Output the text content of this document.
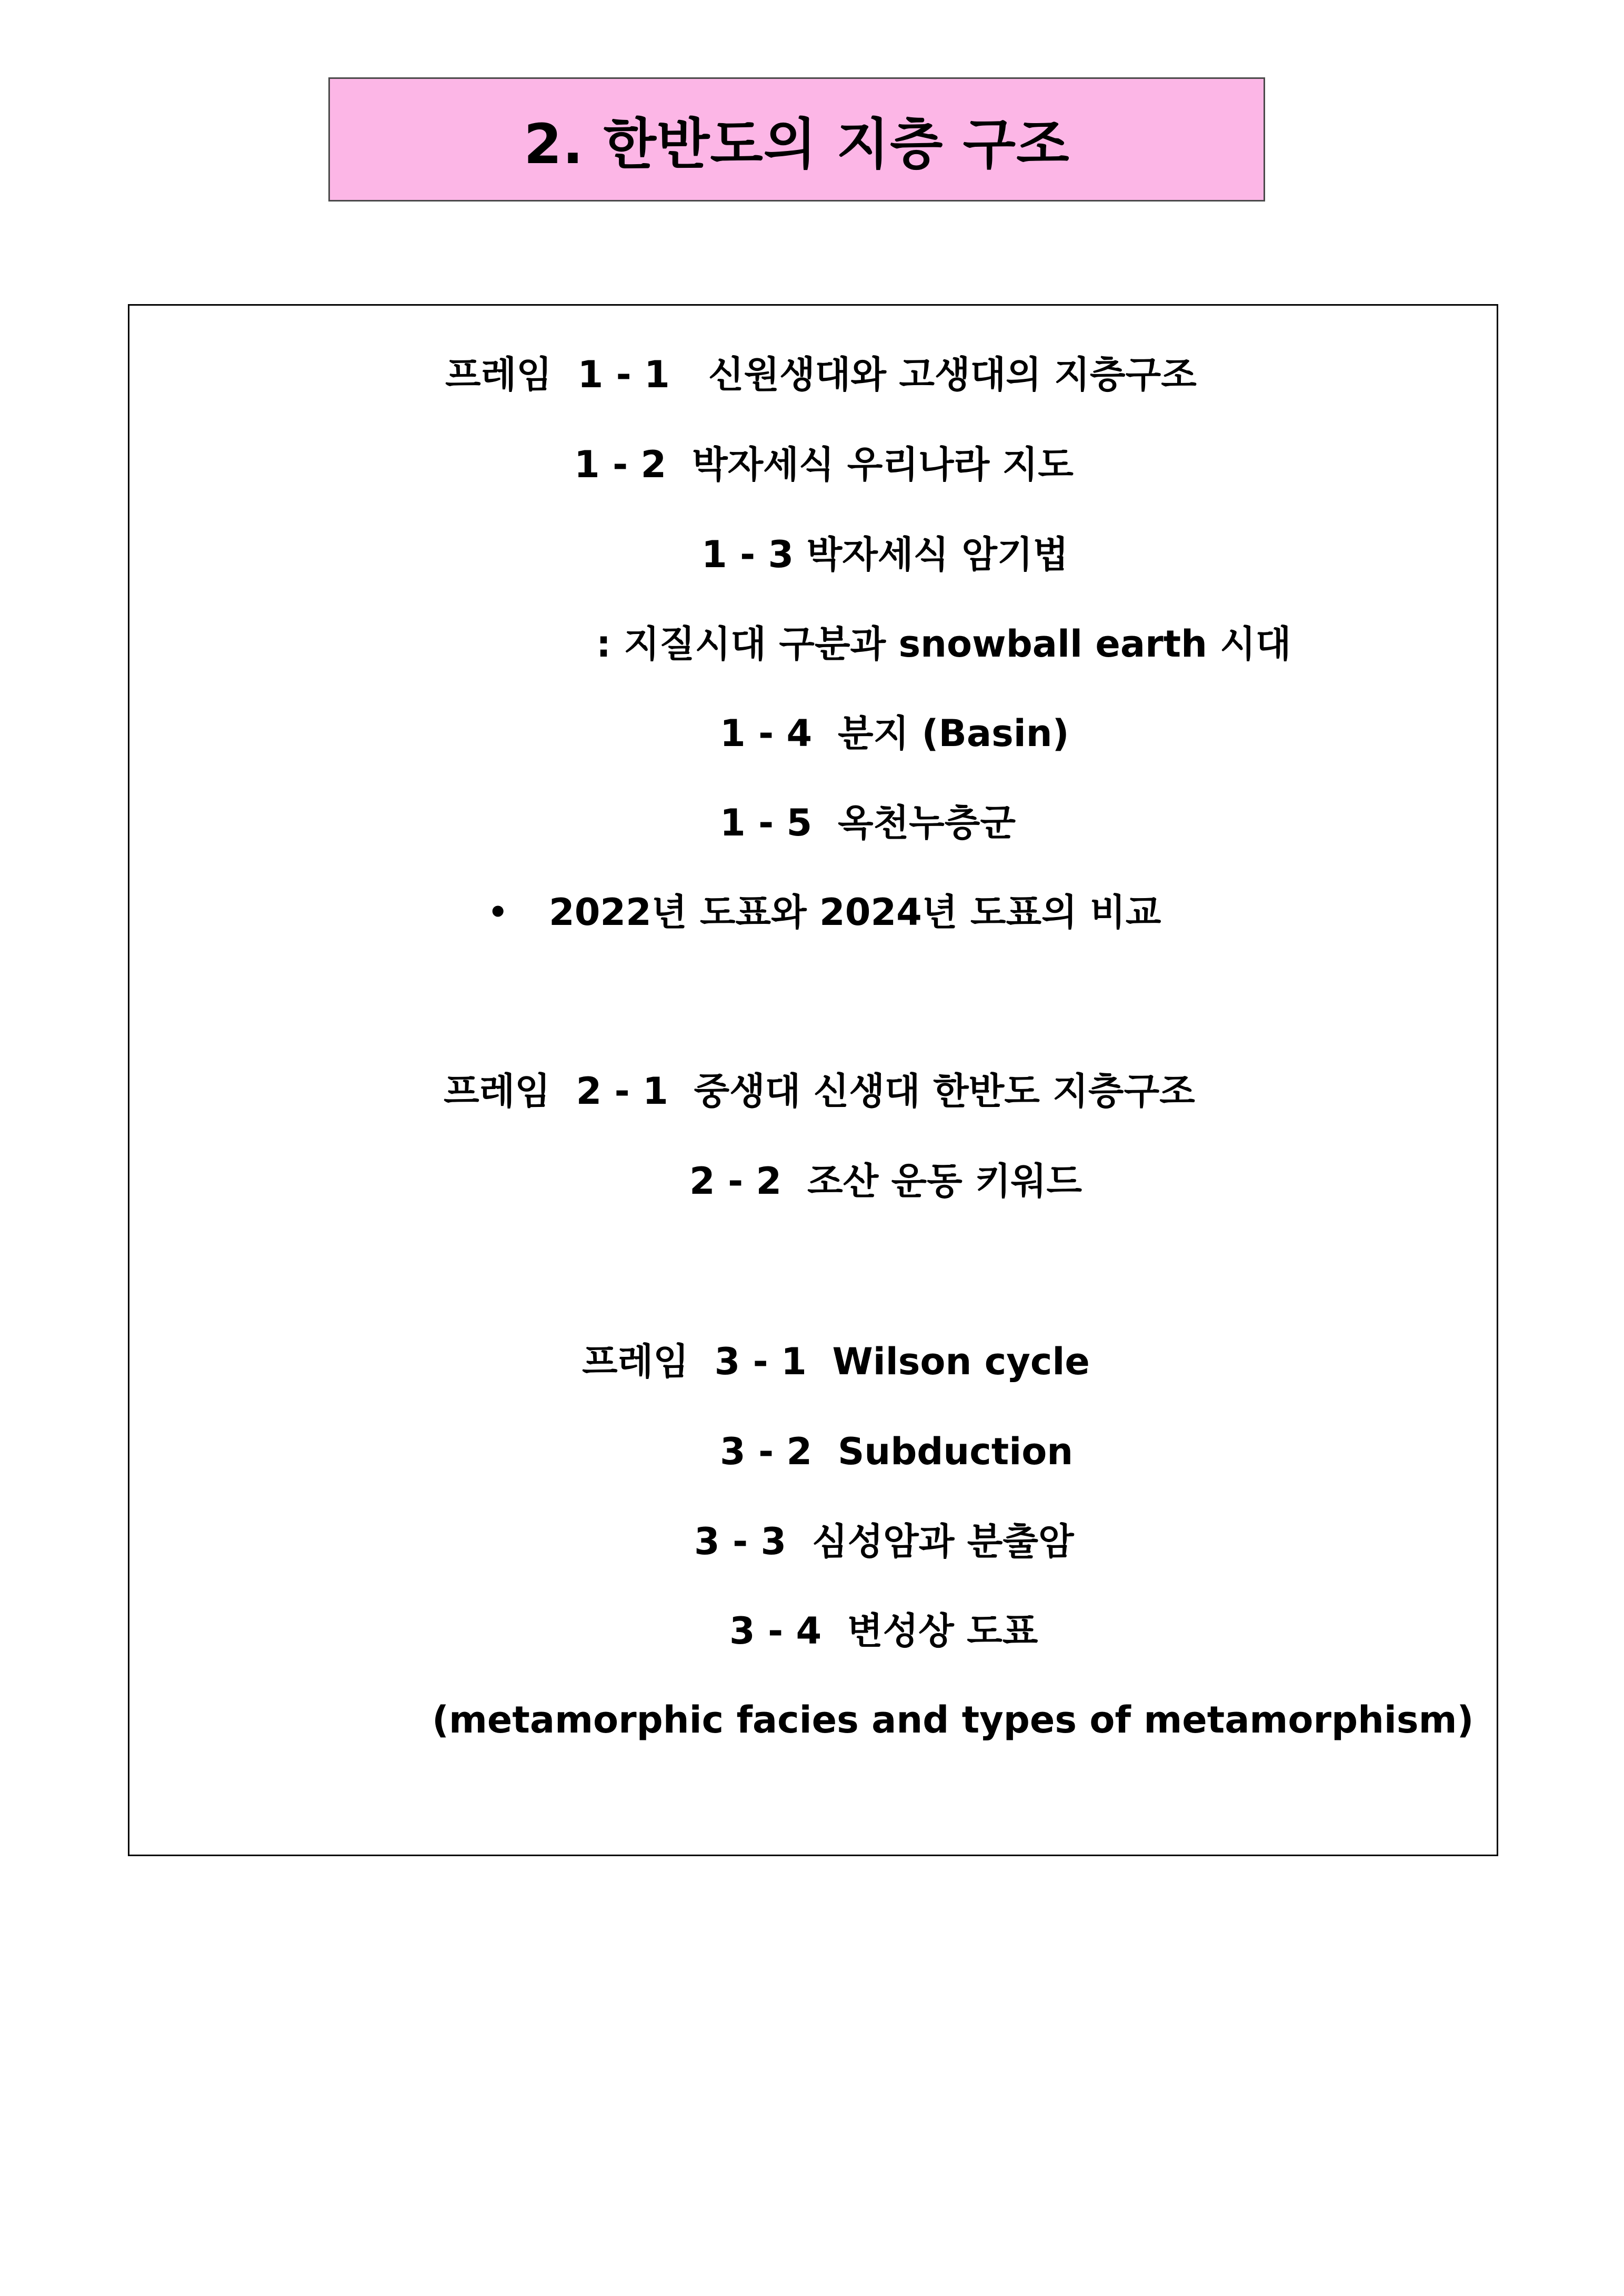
2. 한반도의 지층 구조
프레임  1 - 1   신원생대와 고생대의 지층구조
1 - 2  박자세식 우리나라 지도
1 - 3 박자세식 암기법
: 지질시대 구분과 snowball earth 시대
1 - 4  분지 (Basin)
1 - 5  옥천누층군
• 2022년 도표와 2024년 도표의 비교
프레임  2 - 1  중생대 신생대 한반도 지층구조
2 - 2  조산 운동 키워드
프레임  3 - 1  Wilson cycle
3 - 2  Subduction
3 - 3  심성암과 분출암
3 - 4  변성상 도표
(metamorphic facies and types of metamorphism)
